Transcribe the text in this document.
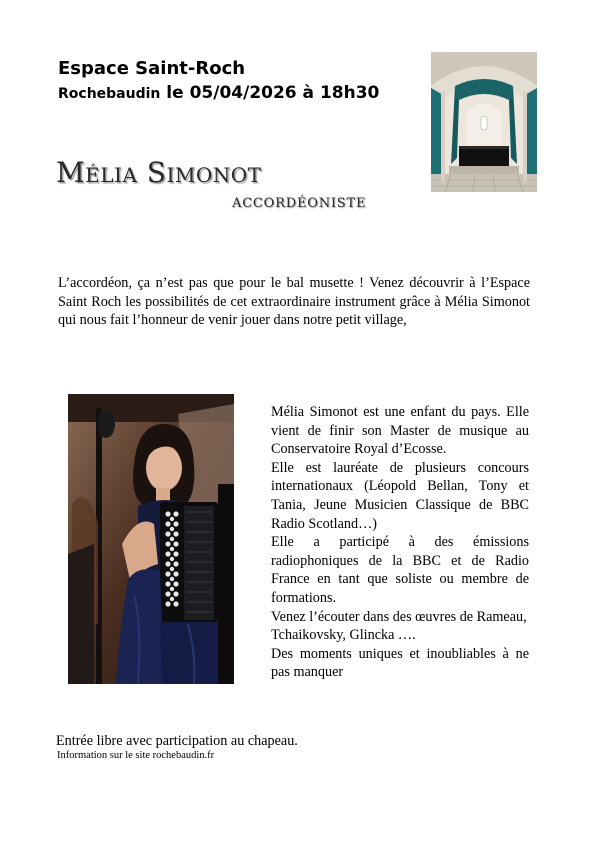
Espace Saint-Roch
Rochebaudin le 05/04/2026 à 18h30
Mélia Simonot
accordéoniste

L’accordéon, ça n’est pas que pour le bal musette ! Venez découvrir à l’Espace Saint Roch les possibilités de cet extraordinaire instrument grâce à Mélia Simonot qui nous fait l’honneur de venir jouer dans notre petit village,

Mélia Simonot est une enfant du pays. Elle vient de finir son Master de musique au Conservatoire Royal d’Ecosse.

Elle est lauréate de plusieurs concours internationaux (Léopold Bellan, Tony et Tania, Jeune Musicien Classique de BBC Radio Scotland…)

Elle a participé à des émissions radiophoniques de la BBC et de Radio France en tant que soliste ou membre de formations.

Venez l’écouter dans des œuvres de Rameau, Tchaikovsky, Glincka ….

Des moments uniques et inoubliables à ne pas manquer

Entrée libre avec participation au chapeau.
Information sur le site rochebaudin.fr
